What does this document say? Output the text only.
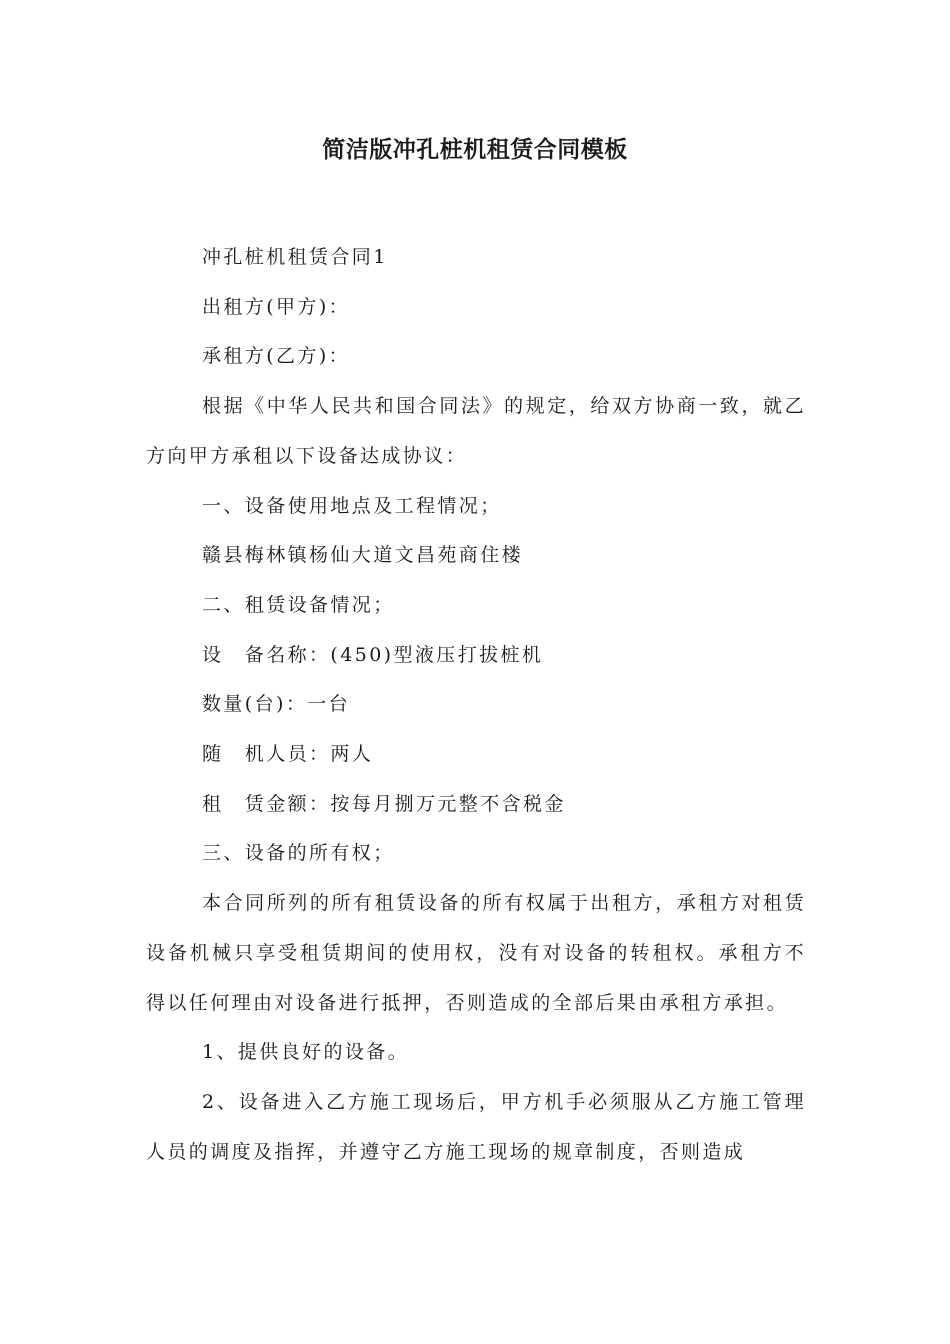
简洁版冲孔桩机租赁合同模板

冲孔桩机租赁合同1

出租方(甲方)：

承租方(乙方)：

根据《中华人民共和国合同法》的规定，给双方协商一致，就乙方向甲方承租以下设备达成协议：

一、设备使用地点及工程情况；

赣县梅林镇杨仙大道文昌苑商住楼

二、租赁设备情况；

设　备名称：(450)型液压打拔桩机

数量(台)：一台

随　机人员：两人

租　赁金额：按每月捌万元整不含税金

三、设备的所有权；

本合同所列的所有租赁设备的所有权属于出租方，承租方对租赁设备机械只享受租赁期间的使用权，没有对设备的转租权。承租方不得以任何理由对设备进行抵押，否则造成的全部后果由承租方承担。

1、提供良好的设备。

2、设备进入乙方施工现场后，甲方机手必须服从乙方施工管理人员的调度及指挥，并遵守乙方施工现场的规章制度，否则造成
